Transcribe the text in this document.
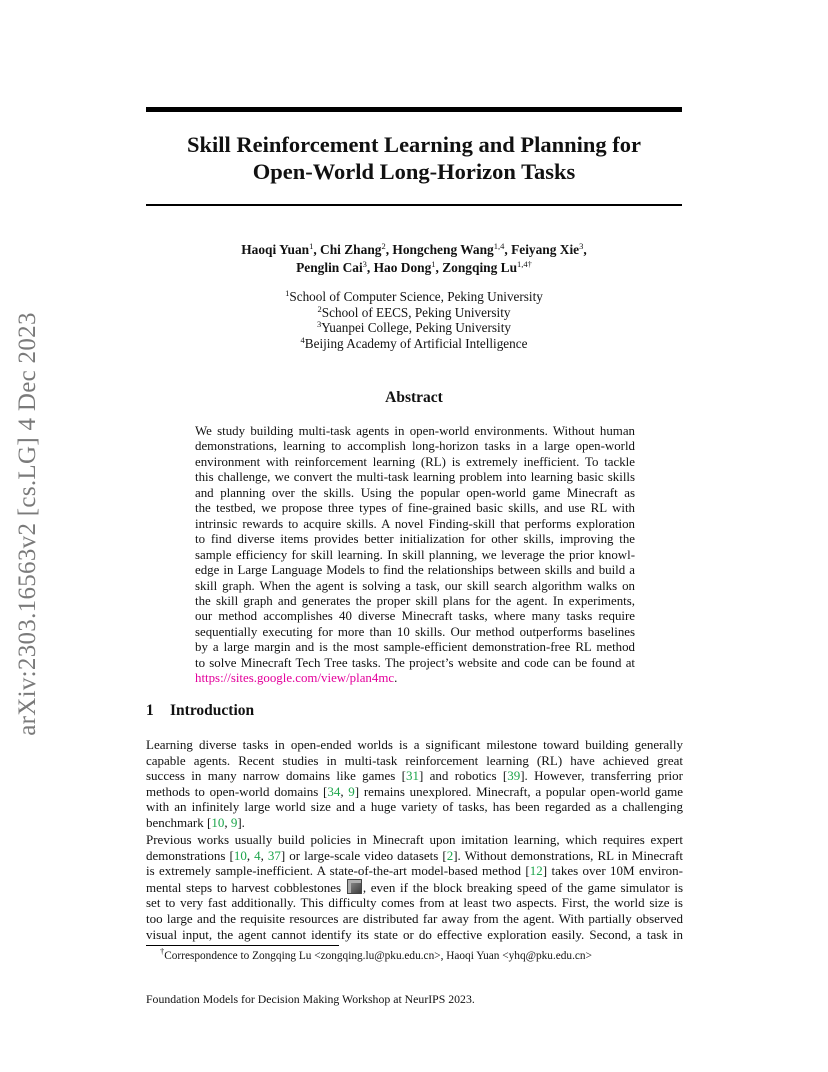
arXiv:2303.16563v2 [cs.LG] 4 Dec 2023
Skill Reinforcement Learning and Planning for
Open-World Long-Horizon Tasks
Haoqi Yuan$^1$, Chi Zhang$^2$, Hongcheng Wang$^{1,4}$, Feiyang Xie$^3$,
Penglin Cai$^3$, Hao Dong$^1$, Zongqing $Lu^{1,4\dagger}$
$^1$School of Computer Science, Peking University
$^2$School of EECS, Peking University
$^3$Yuanpei College, Peking University
$^4$Beijing Academy of Artificial Intelligence
Abstract
We study building multi-task agents in open-world environments. Without human
demonstrations, learning to accomplish long-horizon tasks in a large open-world
environment with reinforcement learning (RL) is extremely inefficient. To tackle
this challenge, we convert the multi-task learning problem into learning basic skills
and planning over the skills. Using the popular open-world game Minecraft as
the testbed, we propose three types of fine-grained basic skills, and use RL with
intrinsic rewards to acquire skills. A novel Finding-skill that performs exploration
to find diverse items provides better initialization for other skills, improving the
sample efficiency for skill learning. In skill planning, we leverage the prior knowl-
edge in Large Language Models to find the relationships between skills and build a
skill graph. When the agent is solving a task, our skill search algorithm walks on
the skill graph and generates the proper skill plans for the agent. In experiments,
our method accomplishes 40 diverse Minecraft tasks, where many tasks require
sequentially executing for more than 10 skills. Our method outperforms baselines
by a large margin and is the most sample-efficient demonstration-free RL method
to solve Minecraft Tech Tree tasks. The project’s website and code can be found at
https://sites.google.com/view/plan4mc.
1 Introduction
Learning diverse tasks in open-ended worlds is a significant milestone toward building generally
capable agents. Recent studies in multi-task reinforcement learning (RL) have achieved great
success in many narrow domains like games [31] and robotics [39]. However, transferring prior
methods to open-world domains [34, 9] remains unexplored. Minecraft, a popular open-world game
with an infinitely large world size and a huge variety of tasks, has been regarded as a challenging
benchmark [10, 9].
Previous works usually build policies in Minecraft upon imitation learning, which requires expert
demonstrations [10, 4, 37] or large-scale video datasets [2]. Without demonstrations, RL in Minecraft
is extremely sample-inefficient. A state-of-the-art model-based method [12] takes over 10M environ-
mental steps to harvest cobblestones , even if the block breaking speed of the game simulator is
set to very fast additionally. This difficulty comes from at least two aspects. First, the world size is
too large and the requisite resources are distributed far away from the agent. With partially observed
visual input, the agent cannot identify its state or do effective exploration easily. Second, a task in
†Correspondence to Zongqing Lu <zongqing.lu@pku.edu.cn>, Haoqi Yuan <yhq@pku.edu.cn>
Foundation Models for Decision Making Workshop at NeurIPS 2023.
